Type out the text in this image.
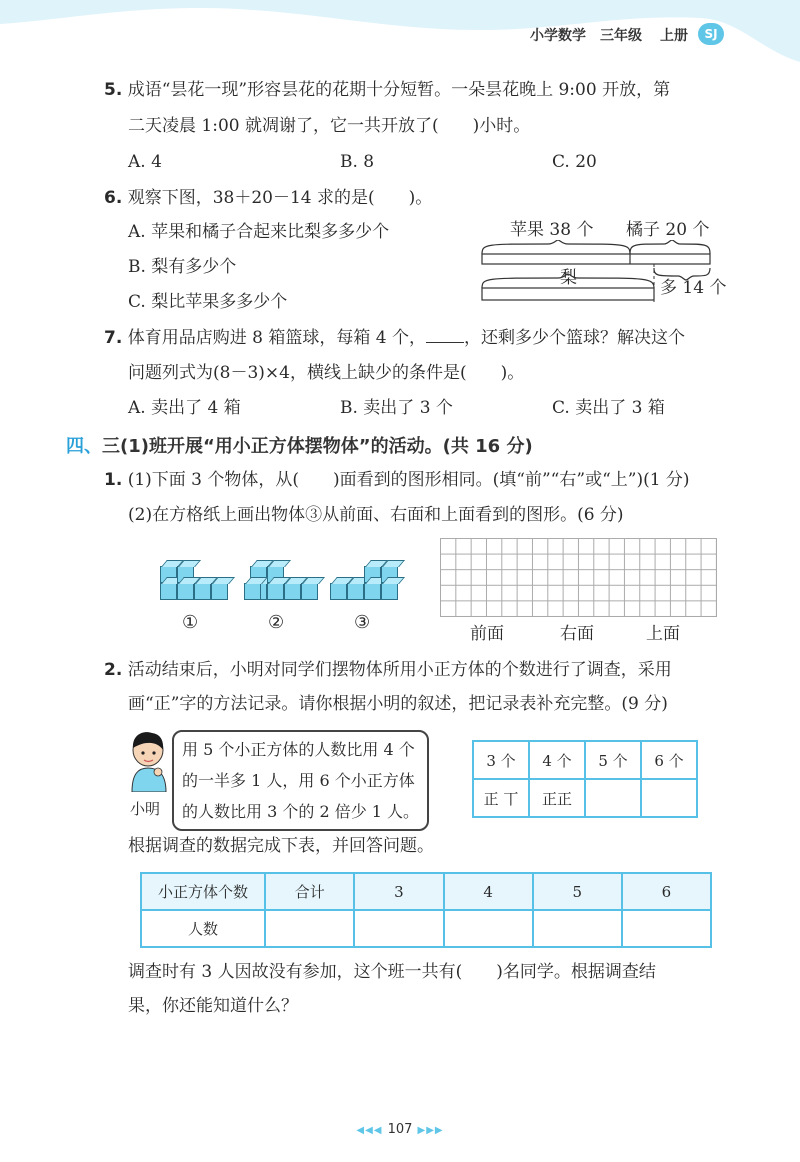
小学数学 三年级 上册	SJ
5. 成语“昙花一现”形容昙花的花期十分短暂。一朵昙花晚上 9:00 开放，第
二天凌晨 1:00 就凋谢了，它一共开放了(　　)小时。
A. 4	B. 8	C. 20
6. 观察下图，38＋20－14 求的是(　　)。
A. 苹果和橘子合起来比梨多多少个
B. 梨有多少个
C. 梨比苹果多多少个
苹果 38 个 橘子 20 个
梨	多 14 个
7. 体育用品店购进 8 箱篮球，每箱 4 个， ，还剩多少个篮球？解决这个
问题列式为(8－3)×4，横线上缺少的条件是(　　)。
A. 卖出了 4 箱	B. 卖出了 3 个	C. 卖出了 3 箱
四、三(1)班开展“用小正方体摆物体”的活动。(共 16 分)
1. (1)下面 3 个物体，从(　　)面看到的图形相同。(填“前”“右”或“上”)(1 分)
(2)在方格纸上画出物体③从前面、右面和上面看到的图形。(6 分)
①	②	③
前面	右面	上面
2. 活动结束后，小明对同学们摆物体所用小正方体的个数进行了调查，采用
画“正”字的方法记录。请你根据小明的叙述，把记录表补充完整。(9 分)
小明
用 5 个小正方体的人数比用 4 个
的一半多 1 人，用 6 个小正方体
的人数比用 3 个的 2 倍少 1 人。
3 个	4 个	5 个	6 个
正 丅	正正		
根据调查的数据完成下表，并回答问题。
小正方体个数	合计	3	4	5	6
人数					
调查时有 3 人因故没有参加，这个班一共有(　　)名同学。根据调查结
果，你还能知道什么？
◀◀◀ 107 ▶▶▶
